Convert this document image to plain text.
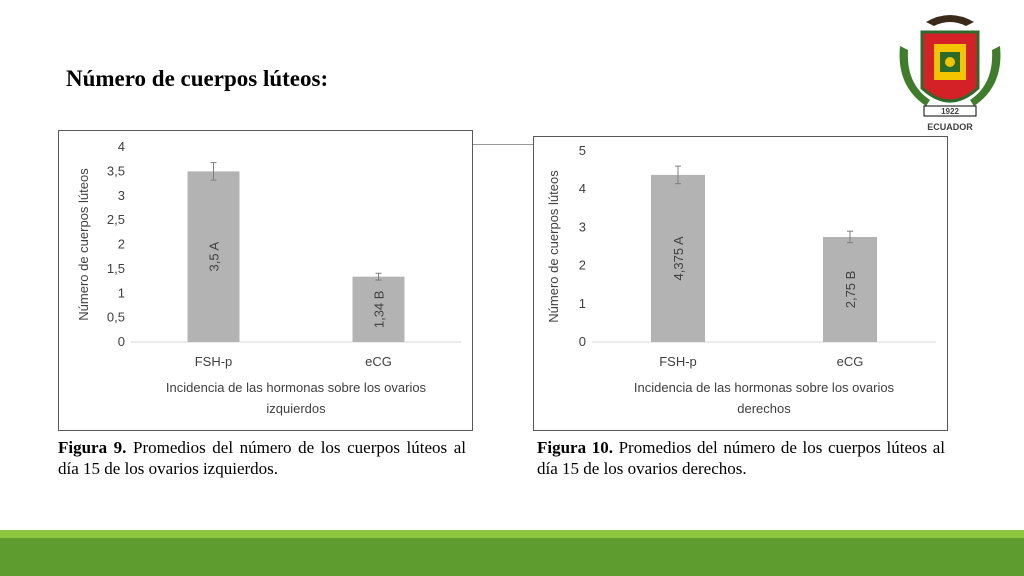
Número de cuerpos lúteos:
1922
ECUADOR
0
0,5
1
1,5
2
2,5
3
3,5
4
Número de cuerpos lúteos	3,5 A
FSH-p
1,34 B
eCG
Incidencia de las hormonas sobre los ovarios
izquierdos
0
1
2
3
4
5
Número de cuerpos lúteos	4,375 A
FSH-p
2,75 B
eCG
Incidencia de las hormonas sobre los ovarios
derechos
Figura 9. Promedios del número de los cuerpos lúteos al día 15 de los ovarios izquierdos.
Figura 10. Promedios del número de los cuerpos lúteos al día 15 de los ovarios derechos.
